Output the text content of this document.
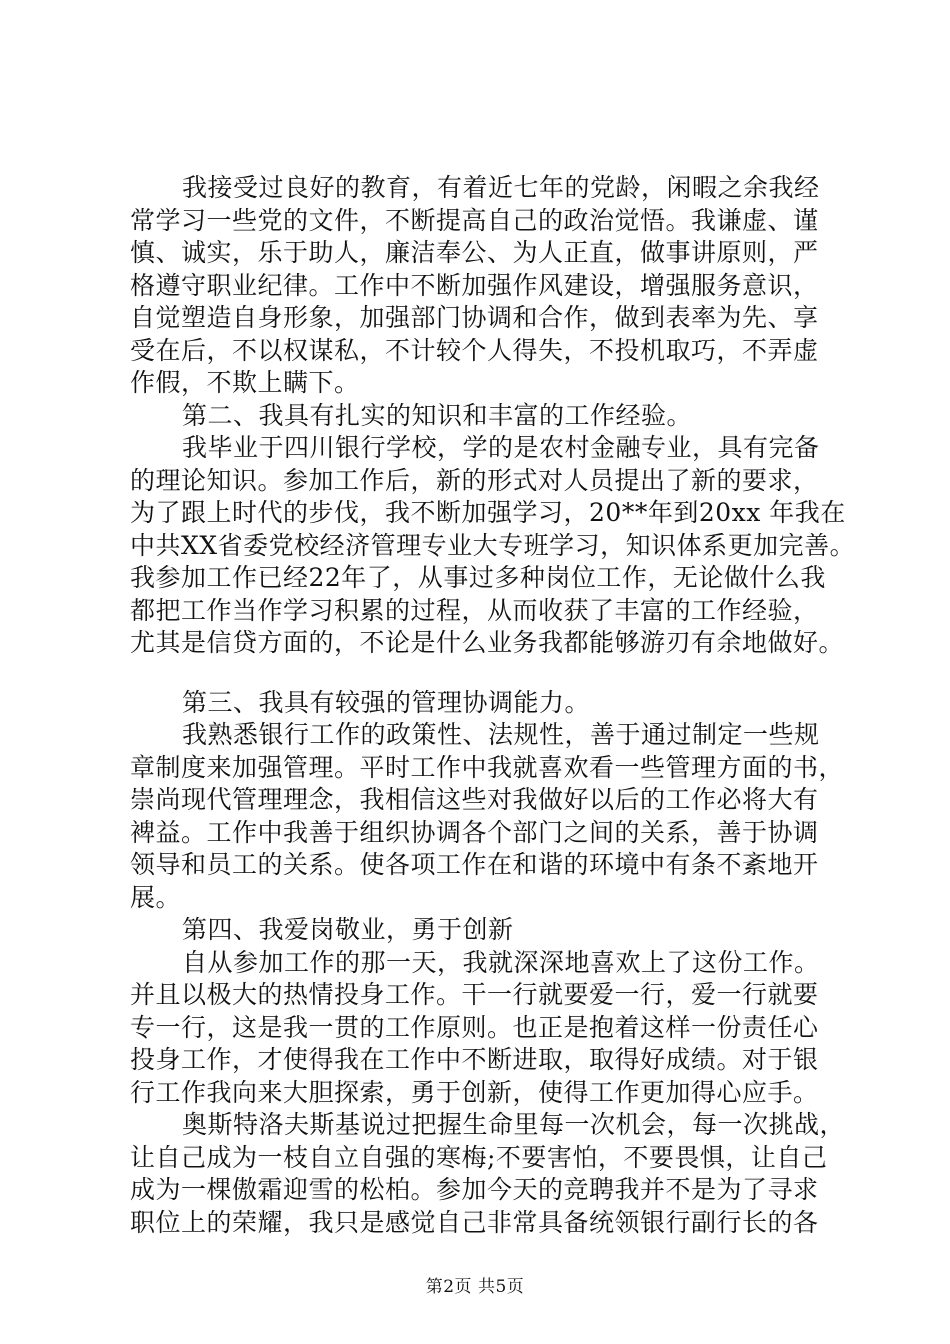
我接受过良好的教育，有着近七年的党龄，闲暇之余我经
常学习一些党的文件，不断提高自己的政治觉悟。我谦虚、谨
慎、诚实，乐于助人，廉洁奉公、为人正直，做事讲原则，严
格遵守职业纪律。工作中不断加强作风建设，增强服务意识，
自觉塑造自身形象，加强部门协调和合作，做到表率为先、享
受在后，不以权谋私，不计较个人得失，不投机取巧，不弄虚
作假，不欺上瞒下。
第二、我具有扎实的知识和丰富的工作经验。
我毕业于四川银行学校，学的是农村金融专业，具有完备
的理论知识。参加工作后，新的形式对人员提出了新的要求，
为了跟上时代的步伐，我不断加强学习，20**年到20xx 年我在
中共XX省委党校经济管理专业大专班学习，知识体系更加完善。
我参加工作已经22年了，从事过多种岗位工作，无论做什么我
都把工作当作学习积累的过程，从而收获了丰富的工作经验，
尤其是信贷方面的，不论是什么业务我都能够游刃有余地做好。
第三、我具有较强的管理协调能力。
我熟悉银行工作的政策性、法规性，善于通过制定一些规
章制度来加强管理。平时工作中我就喜欢看一些管理方面的书，
崇尚现代管理理念，我相信这些对我做好以后的工作必将大有
裨益。工作中我善于组织协调各个部门之间的关系，善于协调
领导和员工的关系。使各项工作在和谐的环境中有条不紊地开
展。
第四、我爱岗敬业，勇于创新
自从参加工作的那一天，我就深深地喜欢上了这份工作。
并且以极大的热情投身工作。干一行就要爱一行，爱一行就要
专一行，这是我一贯的工作原则。也正是抱着这样一份责任心
投身工作，才使得我在工作中不断进取，取得好成绩。对于银
行工作我向来大胆探索，勇于创新，使得工作更加得心应手。
奥斯特洛夫斯基说过把握生命里每一次机会，每一次挑战，
让自己成为一枝自立自强的寒梅;不要害怕，不要畏惧，让自己
成为一棵傲霜迎雪的松柏。参加今天的竞聘我并不是为了寻求
职位上的荣耀，我只是感觉自己非常具备统领银行副行长的各
第2页 共5页
